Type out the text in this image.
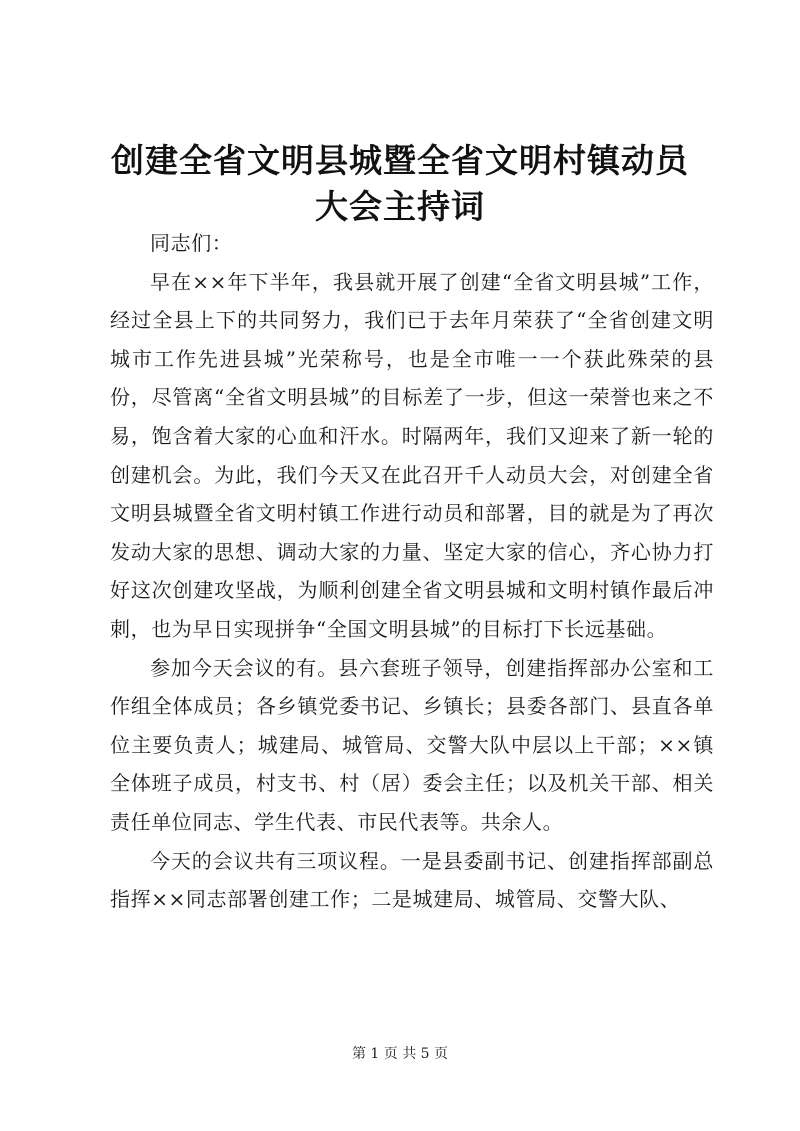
创建全省文明县城暨全省文明村镇动员大会主持词

同志们：

早在××年下半年，我县就开展了创建“全省文明县城”工作，经过全县上下的共同努力，我们已于去年月荣获了“全省创建文明城市工作先进县城”光荣称号，也是全市唯一一个获此殊荣的县份，尽管离“全省文明县城”的目标差了一步，但这一荣誉也来之不易，饱含着大家的心血和汗水。时隔两年，我们又迎来了新一轮的创建机会。为此，我们今天又在此召开千人动员大会，对创建全省文明县城暨全省文明村镇工作进行动员和部署，目的就是为了再次发动大家的思想、调动大家的力量、坚定大家的信心，齐心协力打好这次创建攻坚战，为顺利创建全省文明县城和文明村镇作最后冲刺，也为早日实现拼争“全国文明县城”的目标打下长远基础。

参加今天会议的有。县六套班子领导，创建指挥部办公室和工作组全体成员；各乡镇党委书记、乡镇长；县委各部门、县直各单位主要负责人；城建局、城管局、交警大队中层以上干部；××镇全体班子成员，村支书、村（居）委会主任；以及机关干部、相关责任单位同志、学生代表、市民代表等。共余人。

今天的会议共有三项议程。一是县委副书记、创建指挥部副总指挥××同志部署创建工作；二是城建局、城管局、交警大队、

第 1 页 共 5 页
